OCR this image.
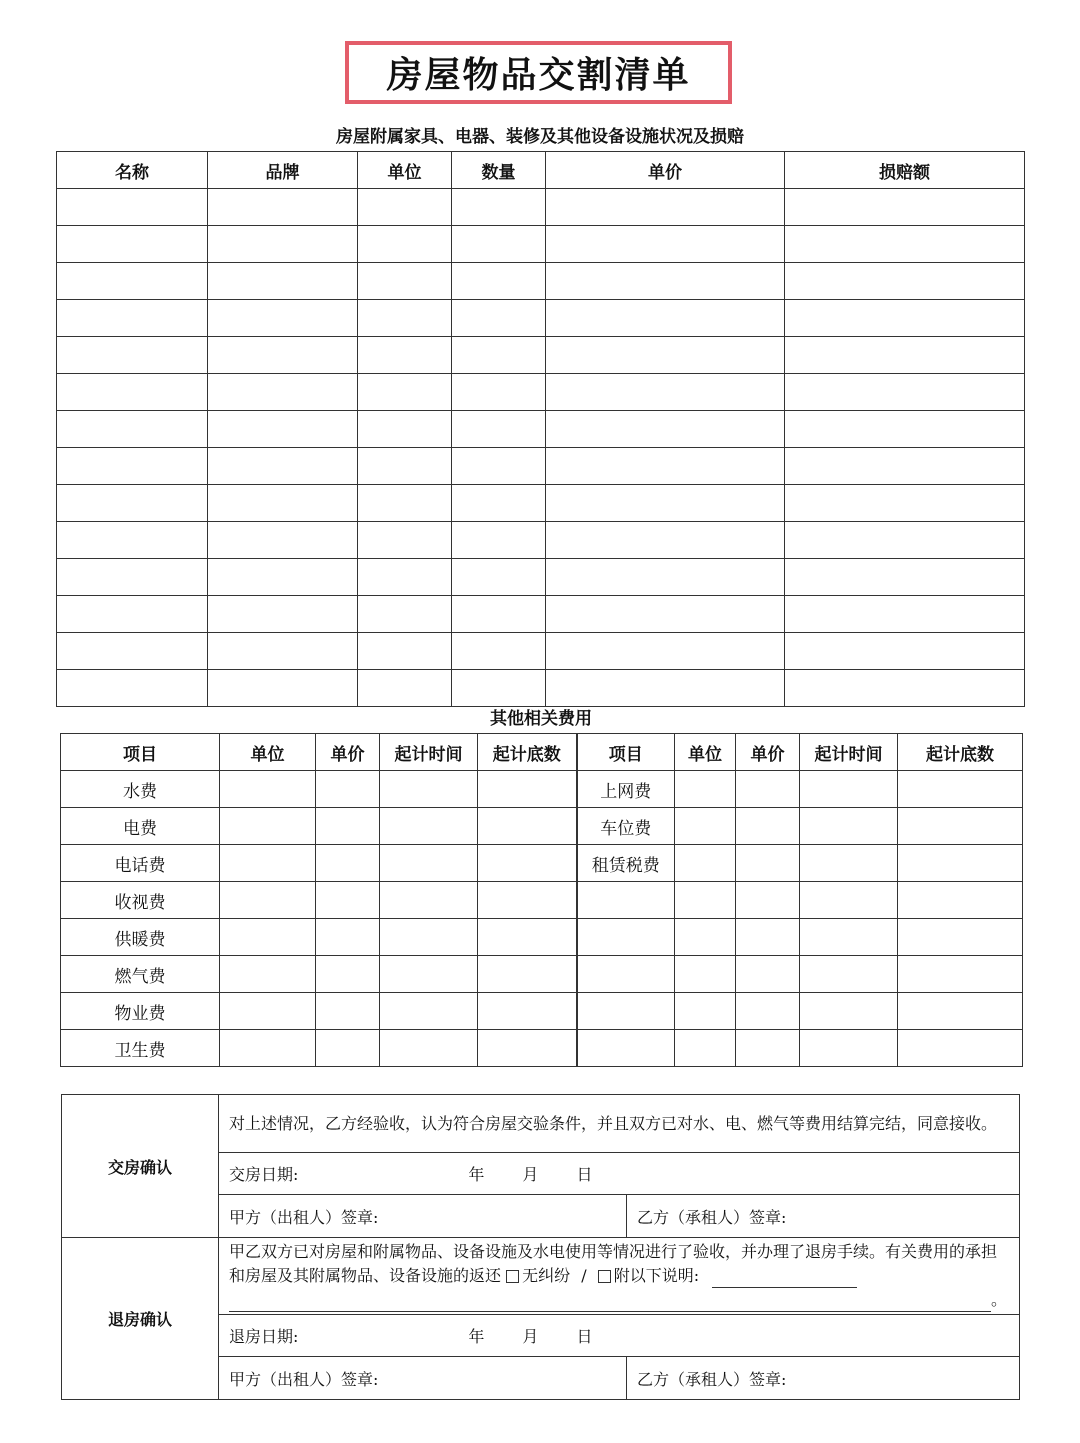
房屋物品交割清单
房屋附属家具、电器、装修及其他设备设施状况及损赔
名称	品牌	单位	数量	单价	损赔额

其他相关费用
项目	单位	单价	起计时间	起计底数	项目	单位	单价	起计时间	起计底数
水费					上网费				
电费					车位费				
电话费					租赁税费				
收视费									
供暖费									
燃气费									
物业费									
卫生费									
交房确认	对上述情况，乙方经验收，认为符合房屋交验条件，并且双方已对水、电、燃气等费用结算完结，同意接收。	

	交房日期: 年 月 日	

	甲方（出租人）签章:	乙方（承租人）签章:
退房确认	甲乙双方已对房屋和附属物品、设备设施及水电使用等情况进行了验收，并办理了退房手续。有关费用的承担和房屋及其附属物品、设备设施的返还 无纠纷 / 附以下说明:
。	

	退房日期: 年 月 日	

	甲方（出租人）签章:	乙方（承租人）签章:
